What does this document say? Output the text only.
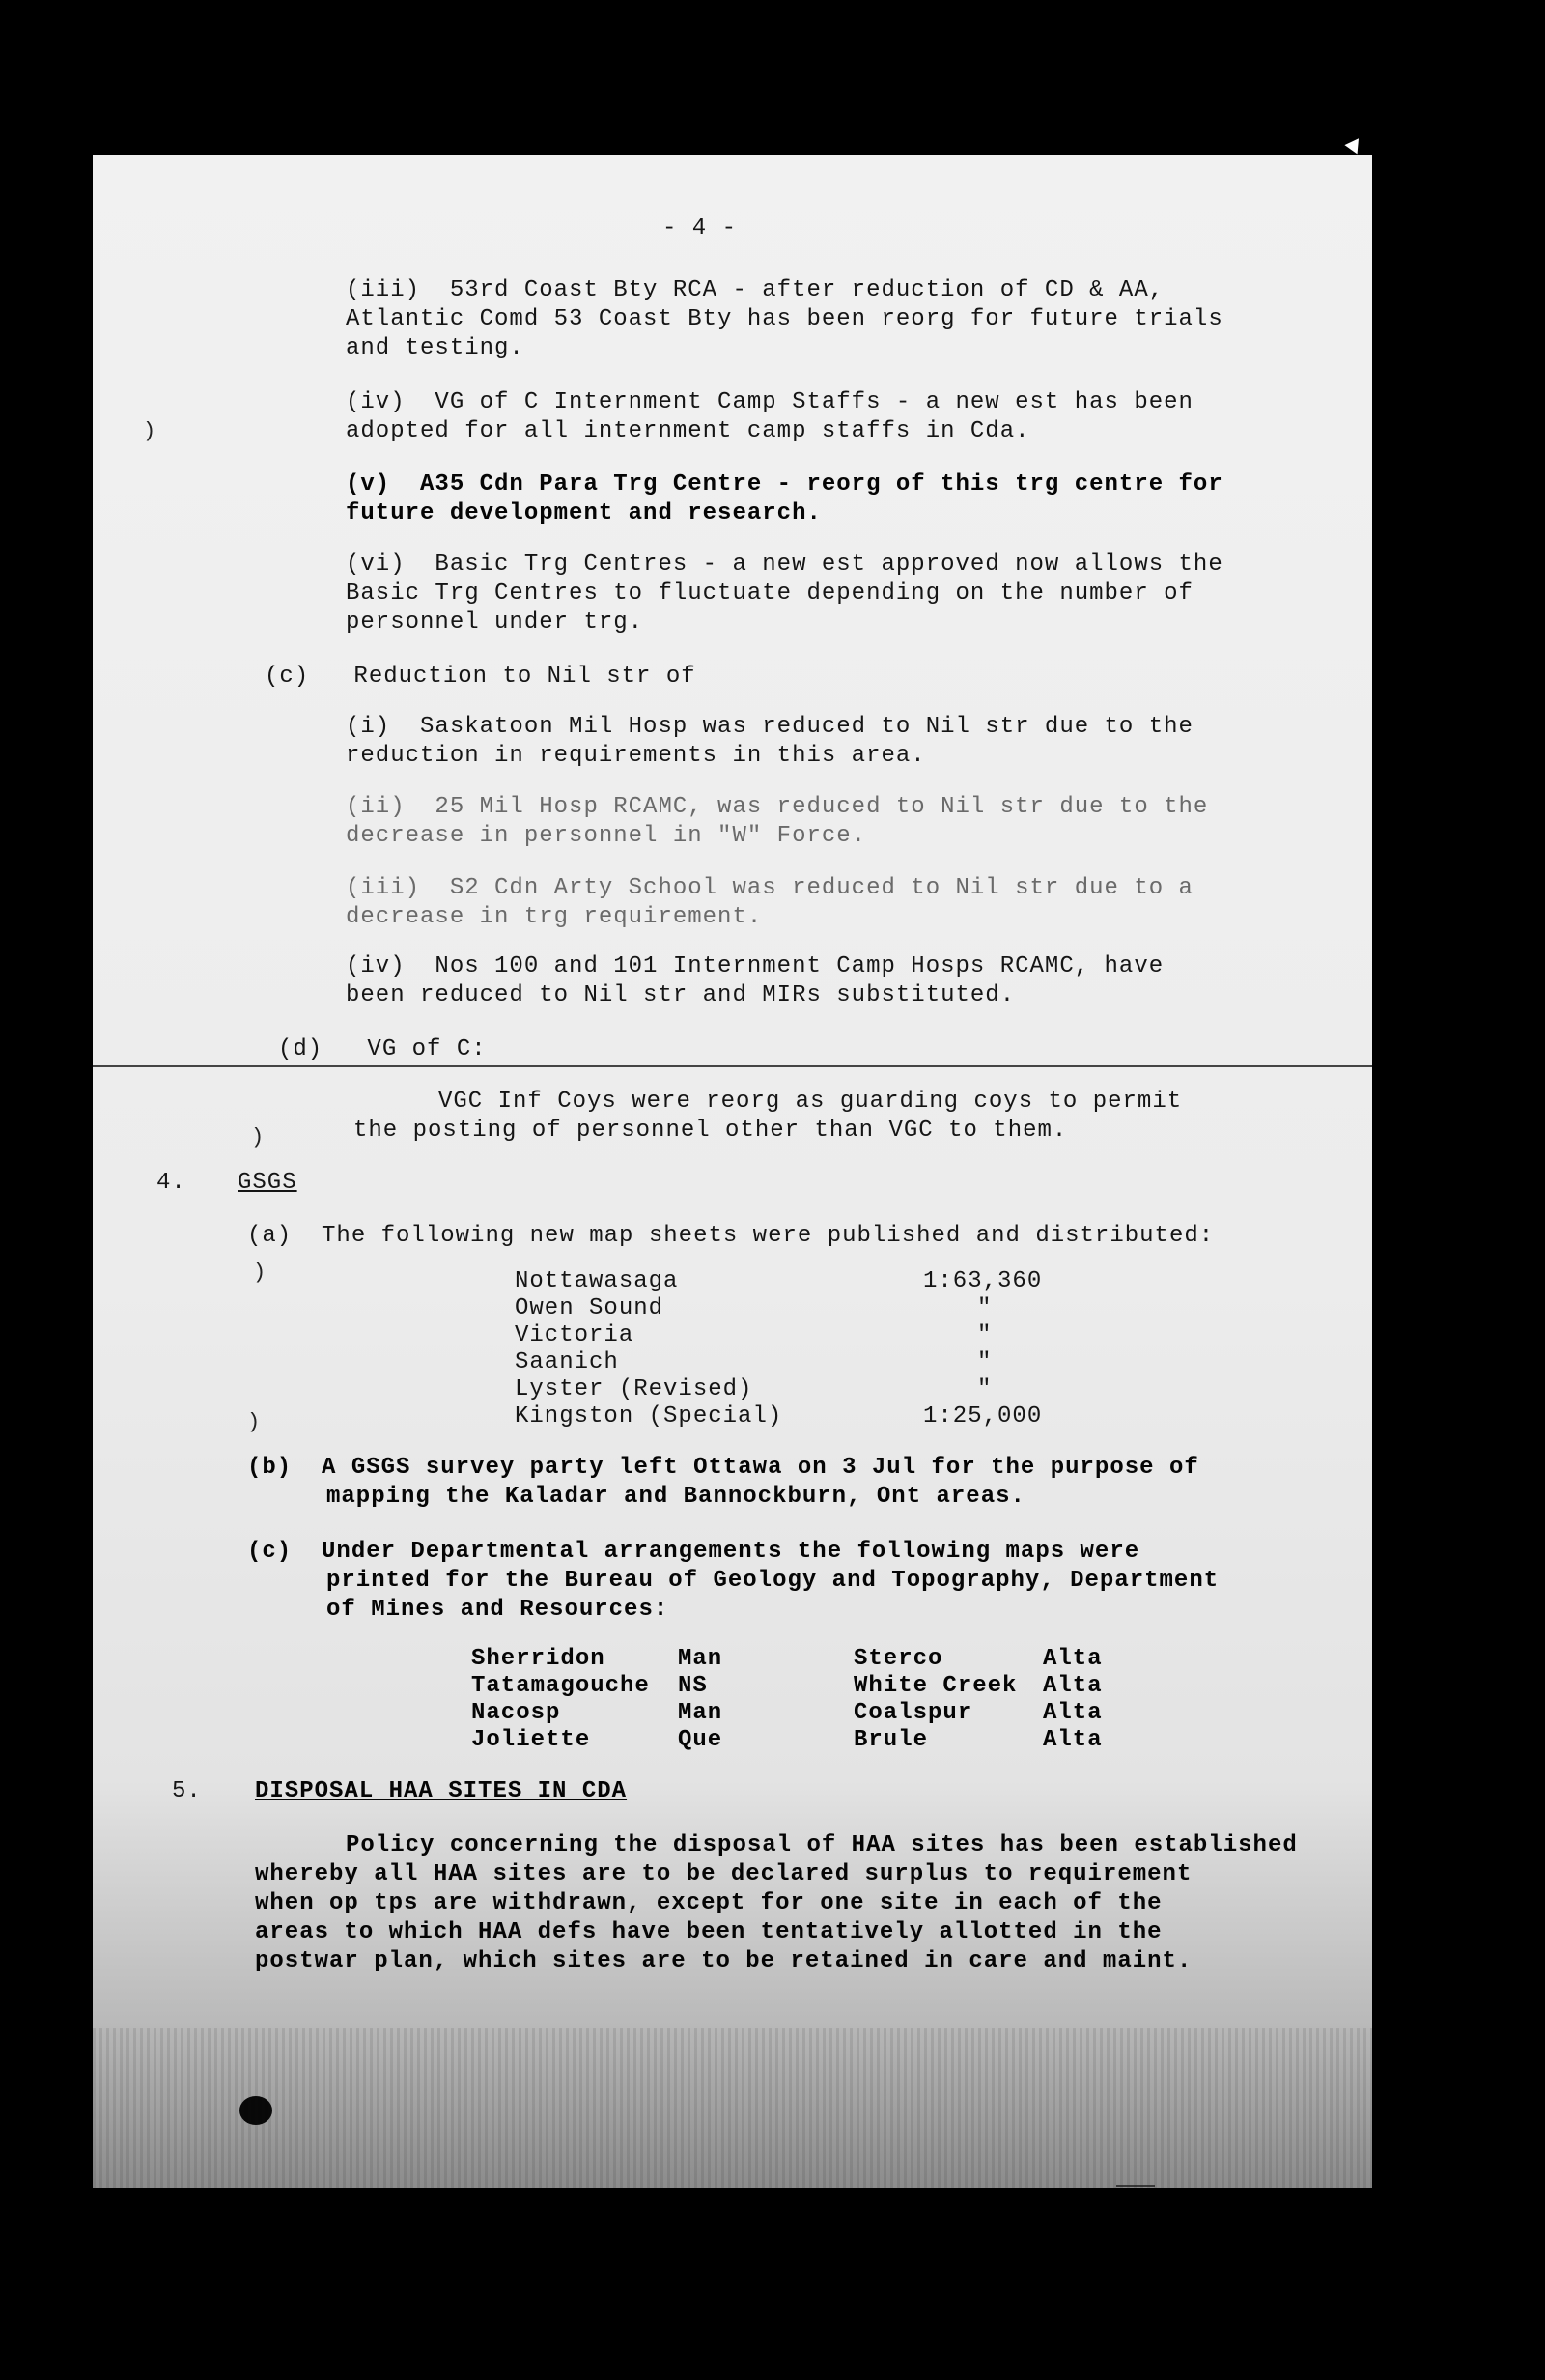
- 4 -
(iii)  53rd Coast Bty RCA - after reduction of CD & AA,
Atlantic Comd 53 Coast Bty has been reorg for future trials
and testing.
(iv)  VG of C Internment Camp Staffs - a new est has been
adopted for all internment camp staffs in Cda.
(v)  A35 Cdn Para Trg Centre - reorg of this trg centre for
future development and research.
(vi)  Basic Trg Centres - a new est approved now allows the
Basic Trg Centres to fluctuate depending on the number of
personnel under trg.
(c)   Reduction to Nil str of
(i)  Saskatoon Mil Hosp was reduced to Nil str due to the
reduction in requirements in this area.
(ii)  25 Mil Hosp RCAMC, was reduced to Nil str due to the
decrease in personnel in "W" Force.
(iii)  S2 Cdn Arty School was reduced to Nil str due to a
decrease in trg requirement.
(iv)  Nos 100 and 101 Internment Camp Hosps RCAMC, have
been reduced to Nil str and MIRs substituted.
(d)   VG of C:
VGC Inf Coys were reorg as guarding coys to permit
the posting of personnel other than VGC to them.
4. GSGS
(a)  The following new map sheets were published and distributed:
Nottawasaga	1:63,360
Owen Sound	"
Victoria	"
Saanich	"
Lyster (Revised)	"
Kingston (Special)	1:25,000
(b)  A GSGS survey party left Ottawa on 3 Jul for the purpose of
mapping the Kaladar and Bannockburn, Ont areas.
(c)  Under Departmental arrangements the following maps were
printed for the Bureau of Geology and Topography, Department
of Mines and Resources:
Sherridon	Man	Sterco	Alta
Tatamagouche NS	White Creek Alta
Nacosp	Man	Coalspur	Alta
Joliette	Que	Brule	Alta
5. DISPOSAL HAA SITES IN CDA
Policy concerning the disposal of HAA sites has been established
whereby all HAA sites are to be declared surplus to requirement
when op tps are withdrawn, except for one site in each of the
areas to which HAA defs have been tentatively allotted in the
postwar plan, which sites are to be retained in care and maint.
)
)
)
)
